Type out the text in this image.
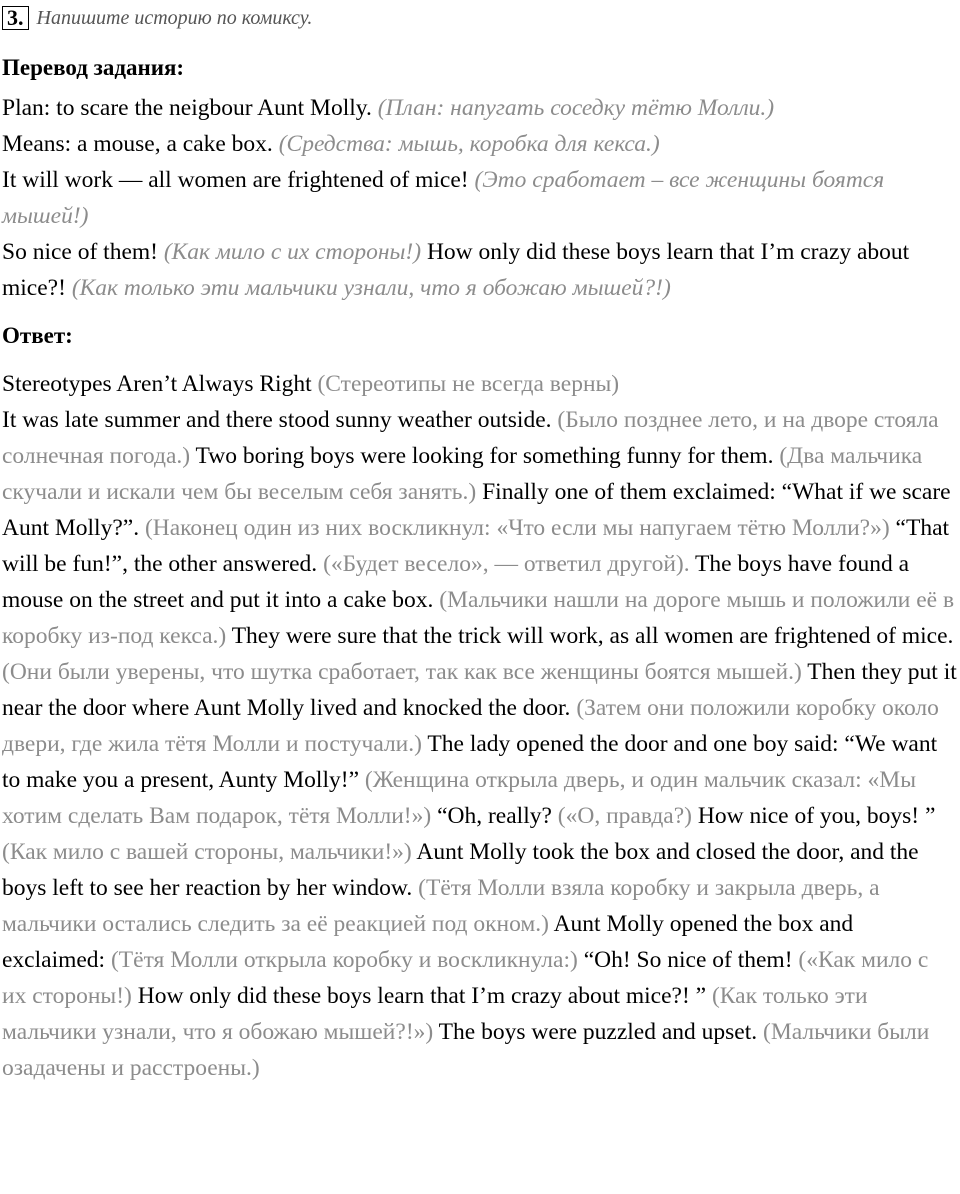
3. Напишите историю по комиксу.
Перевод задания:

Plan: to scare the neigbour Aunt Molly. (План: напугать соседку тётю Молли.)

Means: a mouse, a cake box. (Средства: мышь, коробка для кекса.)

It will work — all women are frightened of mice! (Это сработает – все женщины боятся мышей!)

So nice of them! (Как мило с их стороны!) How only did these boys learn that I’m crazy about mice?! (Как только эти мальчики узнали, что я обожаю мышей?!)

Ответ:

Stereotypes Aren’t Always Right (Стереотипы не всегда верны)

It was late summer and there stood sunny weather outside. (Было позднее лето, и на дворе стояла солнечная погода.) Two boring boys were looking for something funny for them. (Два мальчика скучали и искали чем бы веселым себя занять.) Finally one of them exclaimed: “What if we scare Aunt Molly?”. (Наконец один из них воскликнул: «Что если мы напугаем тётю Молли?») “That will be fun!”, the other answered. («Будет весело», — ответил другой). The boys have found a mouse on the street and put it into a cake box. (Мальчики нашли на дороге мышь и положили её в коробку из-под кекса.) They were sure that the trick will work, as all women are frightened of mice. (Они были уверены, что шутка сработает, так как все женщины боятся мышей.) Then they put it near the door where Aunt Molly lived and knocked the door. (Затем они положили коробку около двери, где жила тётя Молли и постучали.) The lady opened the door and one boy said: “We want to make you a present, Aunty Molly!” (Женщина открыла дверь, и один мальчик сказал: «Мы хотим сделать Вам подарок, тётя Молли!») “Oh, really? («О, правда?) How nice of you, boys! ” (Как мило с вашей стороны, мальчики!») Aunt Molly took the box and closed the door, and the boys left to see her reaction by her window. (Тётя Молли взяла коробку и закрыла дверь, а мальчики остались следить за её реакцией под окном.) Aunt Molly opened the box and exclaimed: (Тётя Молли открыла коробку и воскликнула:) “Oh! So nice of them! («Как мило с их стороны!) How only did these boys learn that I’m crazy about mice?! ” (Как только эти мальчики узнали, что я обожаю мышей?!») The boys were puzzled and upset. (Мальчики были озадачены и расстроены.)
